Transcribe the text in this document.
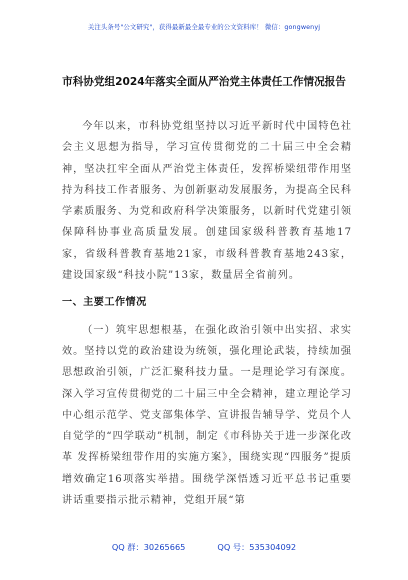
关注头条号"公文研究"，获得最新最全最专业的公文资料库！ 微信：gongwenyj
市科协党组2024年落实全面从严治党主体责任工作情况报告

今年以来，市科协党组坚持以习近平新时代中国特色社会主义思想为指导，学习宣传贯彻党的二十届三中全会精神，坚决扛牢全面从严治党主体责任，发挥桥梁纽带作用坚持为科技工作者服务、为创新驱动发展服务，为提高全民科学素质服务、为党和政府科学决策服务，以新时代党建引领保障科协事业高质量发展。创建国家级科普教育基地17家，省级科普教育基地21家，市级科普教育基地243家，建设国家级“科技小院”13家，数量居全省前列。

一、主要工作情况

（一）筑牢思想根基，在强化政治引领中出实招、求实效。坚持以党的政治建设为统领，强化理论武装，持续加强思想政治引领，广泛汇聚科技力量。一是理论学习有深度。深入学习宣传贯彻党的二十届三中全会精神，建立理论学习中心组示范学、党支部集体学、宣讲报告辅导学、党员个人自觉学的“四学联动”机制，制定《市科协关于进一步深化改革 发挥桥梁纽带作用的实施方案》，围绕实现“四服务”提质增效确定16项落实举措。围绕学深悟透习近平总书记重要讲话重要指示批示精神，党组开展“第

QQ 群：30265665	QQ 号：535304092
